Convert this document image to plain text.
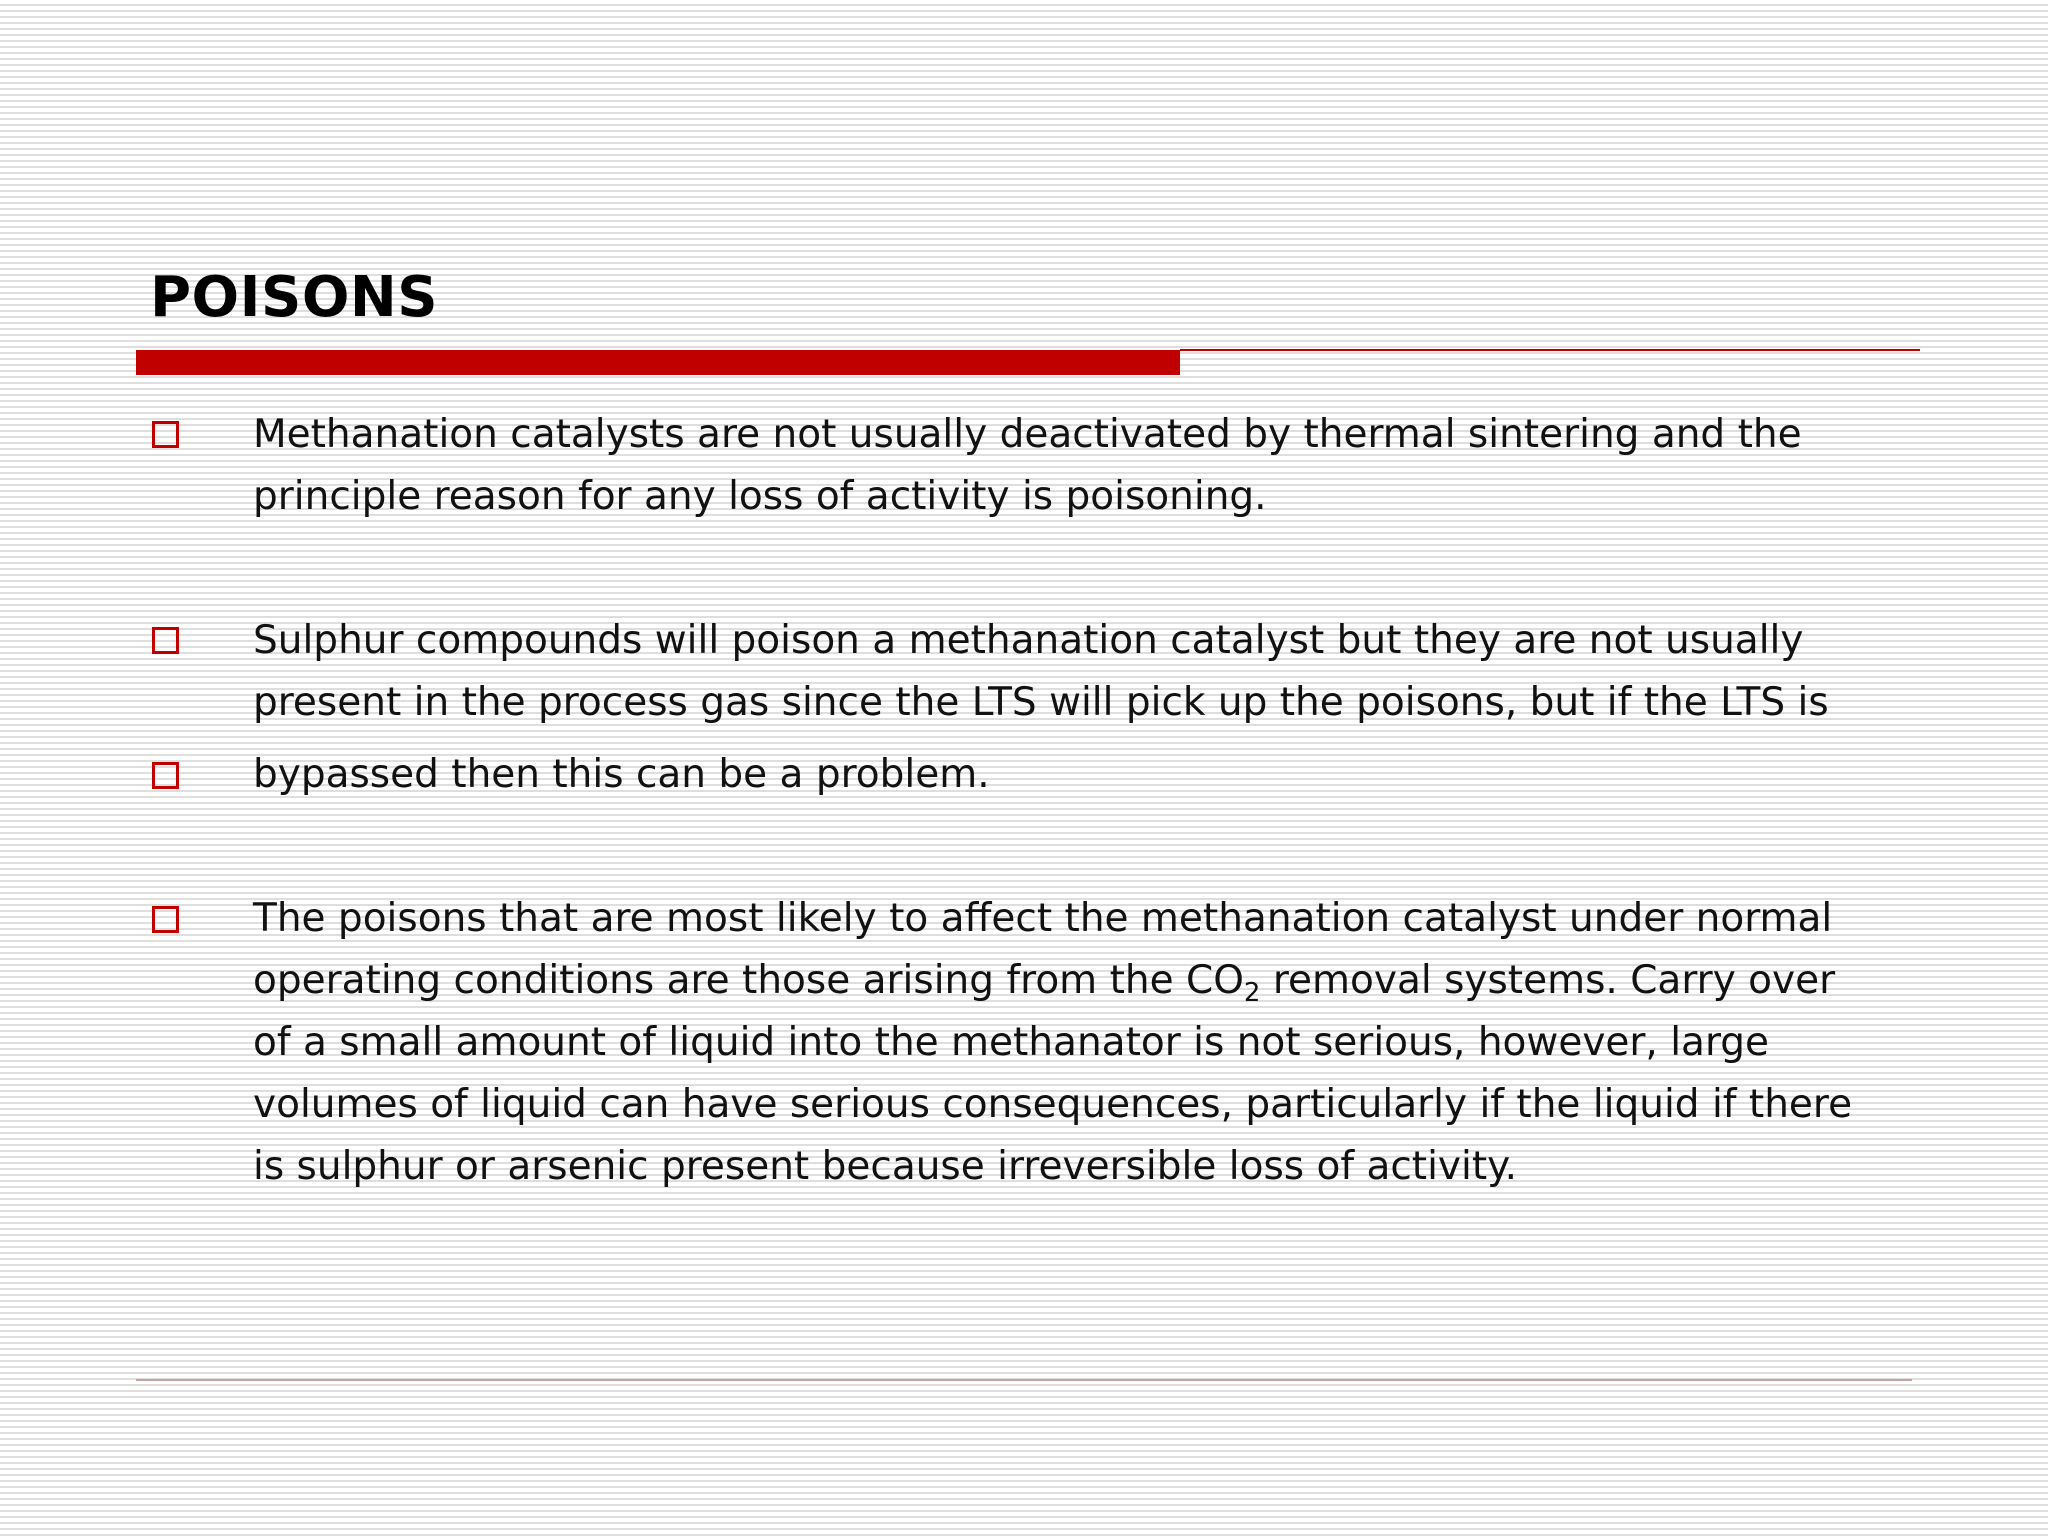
POISONS

Methanation catalysts are not usually deactivated by thermal sintering and the
principle reason for any loss of activity is poisoning.

Sulphur compounds will poison a methanation catalyst but they are not usually
present in the process gas since the LTS will pick up the poisons, but if the LTS is

bypassed then this can be a problem.

The poisons that are most likely to affect the methanation catalyst under normal
operating conditions are those arising from the $CO_2$ removal systems. Carry over
of a small amount of liquid into the methanator is not serious, however, large
volumes of liquid can have serious consequences, particularly if the liquid if there
is sulphur or arsenic present because irreversible loss of activity.
